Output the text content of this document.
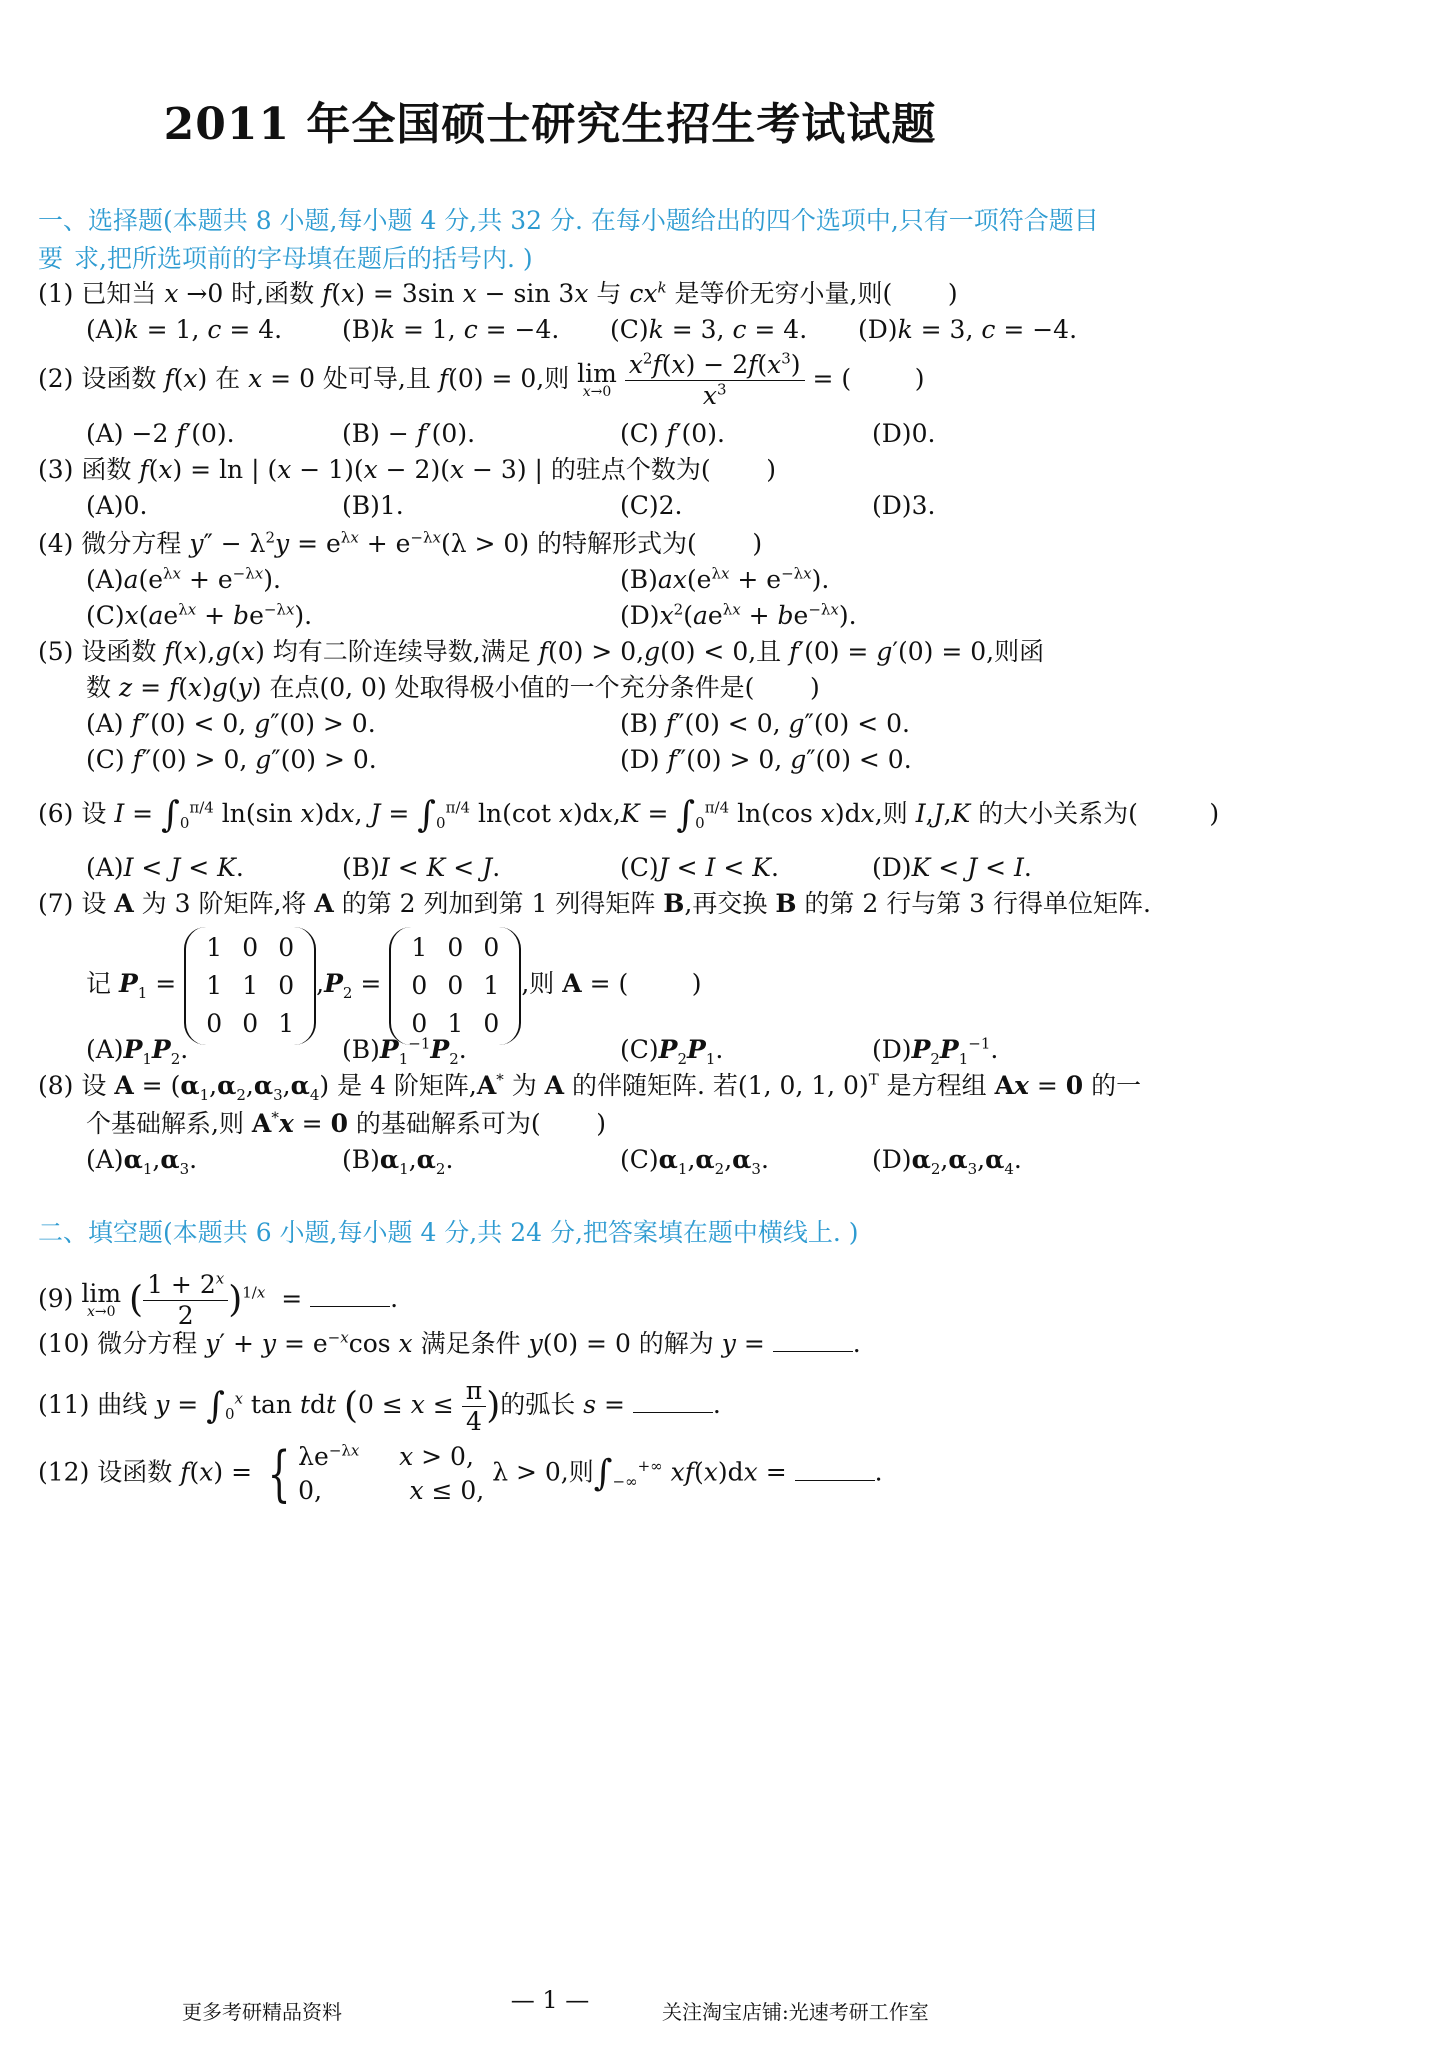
2011 年全国硕士研究生招生考试试题
一、选择题(本题共 8 小题,每小题 4 分,共 32 分. 在每小题给出的四个选项中,只有一项符合题目要 求,把所选项前的字母填在题后的括号内. )
(1) 已知当 x →0 时,函数 f(x) = 3sin x − sin 3x 与 $cx^k$ 是等价无穷小量,则(       )
(A)k = 1, c = 4. (B)k = 1, c = −4. (C)k = 3, c = 4. (D)k = 3, c = −4.
(2) 设函数 f(x) 在 x = 0 处可导,且 f(0) = 0,则 lim
x→0
$\frac{x^2f(x) - 2f(x^3)}{x^3}$ = (        )
(A) −2 f′(0).	(B) − f′(0).	(C) f′(0).	(D)0.
(3) 函数 f(x) = ln | (x − 1)(x − 2)(x − 3) | 的驻点个数为(       )
(A)0.	(B)1.	(C)2.	(D)3.
(4) 微分方程 $y'' - \lambda^2y = e^{\lambda x} + e^{-\lambda x}(\lambda > 0)$ 的特解形式为(       )
$(A)a(e^{\lambda x} + e^{-\lambda x})$.	$(B)ax(e^{\lambda x} + e^{-\lambda x})$.
$(C)x(ae^{\lambda x} + be^{-\lambda x})$.	$(D)x^2(ae^{\lambda x} + be^{-\lambda x})$.
(5) 设函数 f(x),g(x) 均有二阶连续导数,满足 f(0) > 0,g(0) < 0,且 f′(0) = g′(0) = 0,则函
数 z = f(x)g(y) 在点(0, 0) 处取得极小值的一个充分条件是(       )
(A) f″(0) < 0, g″(0) > 0.	(B) f″(0) < 0, g″(0) < 0.
(C) f″(0) > 0, g″(0) > 0.	(D) f″(0) > 0, g″(0) < 0.
(6) 设 $I = \int_0^{\pi/4}$ ln(sin x)dx, $J = \int_0^{\pi/4}$ ln(cot $x)dx,K = \int_0^{\pi/4}$ ln(cos x)dx,则 I,J,K 的大小关系为(         )
(A)I < J < K.	(B)I < K < J.	(C)J < I < K.	(D)K < J < I.
(7) 设 A 为 3 阶矩阵,将 A 的第 2 列加到第 1 列得矩阵 B,再交换 B 的第 2 行与第 3 行得单位矩阵.
记 $P_1$ =
1	0	0
1	1	0
0	0	1
$,P_2$ =
1	0	0
0	0	1
0	1	0
,则 A = (        )
$(A)P_1P_2$.	$(B)P_1^{-1}P_2$.	$(C)P_2P_1$.	$(D)P_2P_1^{-1}$.
(8) 设 $A = (\alpha_1,\alpha_2,\alpha_3,\alpha_4)$ 是 4 阶矩阵,A* 为 A 的伴随矩阵. 若(1, 0, 1, 0)$^T$ 是方程组 Ax = 0 的一
个基础解系,则 A*x = 0 的基础解系可为(       )
$(A)\alpha_1,\alpha_3$.	$(B)\alpha_1,\alpha_2$.	$(C)\alpha_1,\alpha_2,\alpha_3$.	$(D)\alpha_2,\alpha_3,\alpha_4$.
二、填空题(本题共 6 小题,每小题 4 分,共 24 分,把答案填在题中横线上. )
(9) lim
x→0 ( $\frac{1 + 2^x}{2} )^{1/x}$  =	.
(10) 微分方程 $y' + y = e^{-x}\cos$ x 满足条件 y(0) = 0 的解为 y =	.
(11) 曲线 $y = \int_0^x$ tan tdt ($0 \le x \le \frac{\pi}{4}$ )的弧长 s =	.
(12) 设函数 f(x) = { $\lambda e^{-\lambda x}$ x > 0,
0,           x ≤ 0, λ > 0,则$\int_{-\infty}^{+\infty}$ xf(x)dx =	.
更多考研精品资料	— 1 —	关注淘宝店铺:光速考研工作室
